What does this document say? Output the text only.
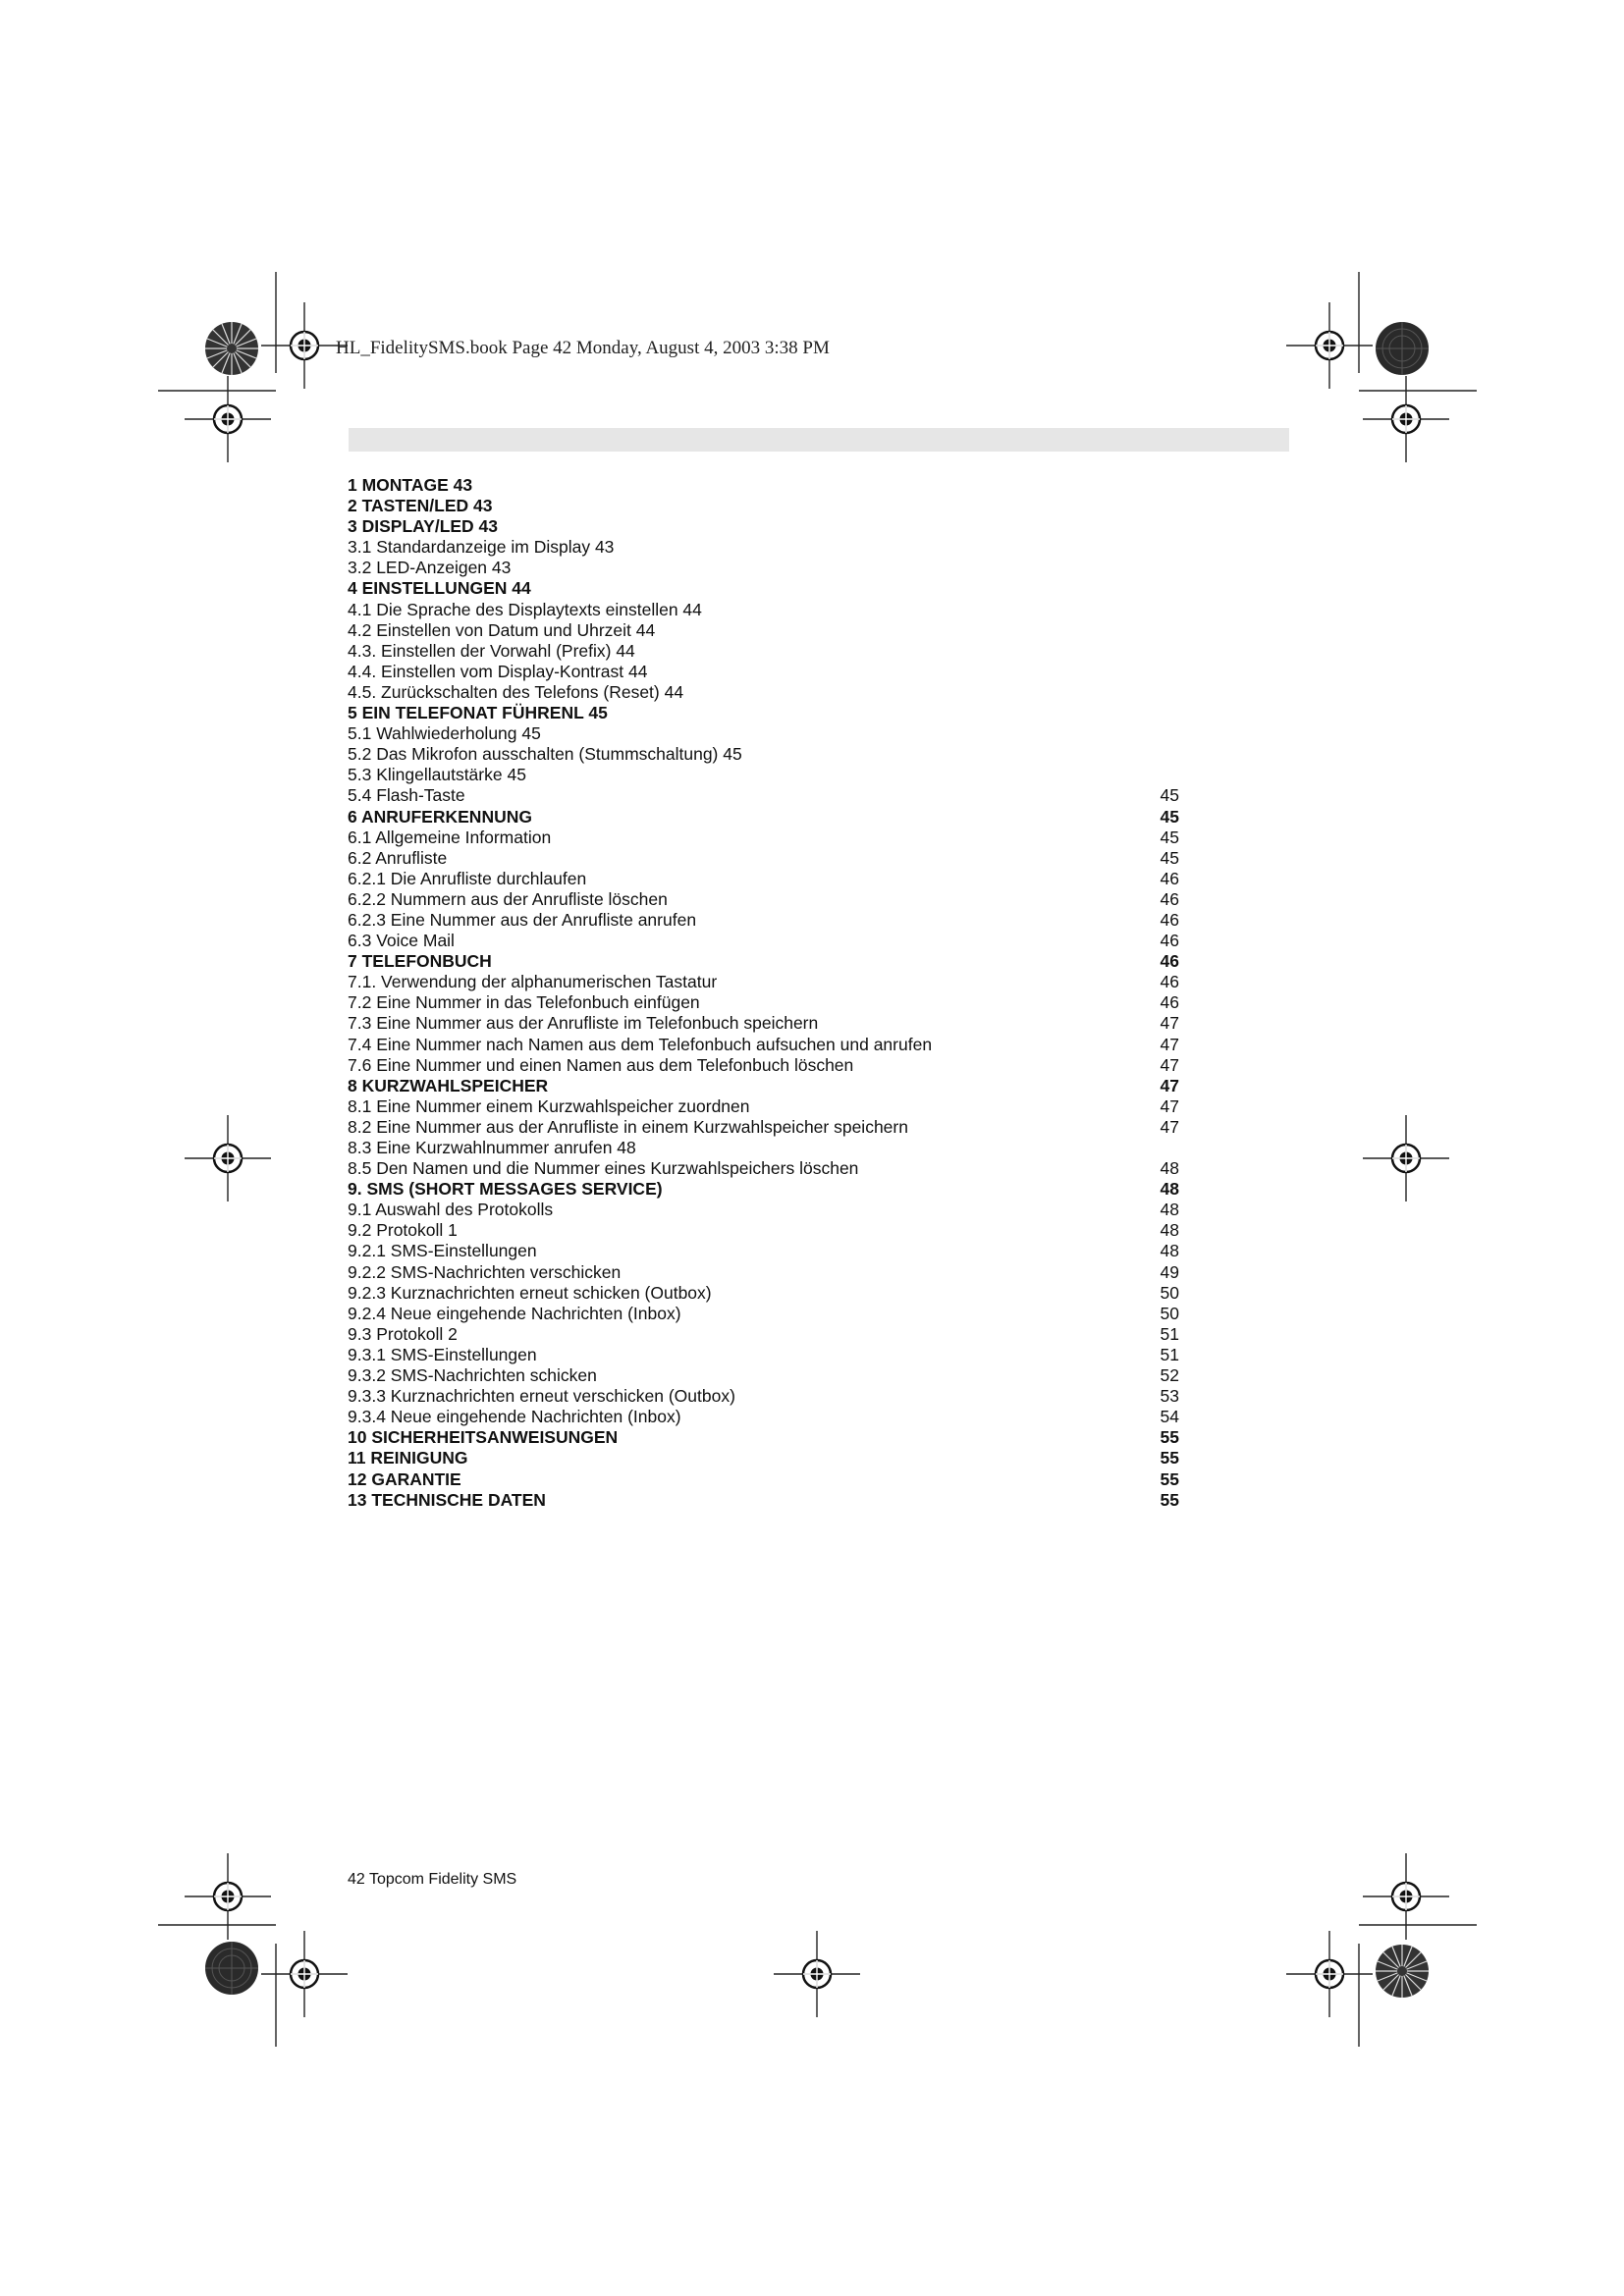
HL_FidelitySMS.book Page 42 Monday, August 4, 2003 3:38 PM
1 MONTAGE 43
2 TASTEN/LED 43
3 DISPLAY/LED 43
3.1 Standardanzeige im Display 43
3.2 LED-Anzeigen 43
4 EINSTELLUNGEN 44
4.1 Die Sprache des Displaytexts einstellen 44
4.2 Einstellen von Datum und Uhrzeit 44
4.3. Einstellen der Vorwahl (Prefix) 44
4.4. Einstellen vom Display-Kontrast 44
4.5. Zurückschalten des Telefons (Reset) 44
5 EIN TELEFONAT FÜHRENL 45
5.1 Wahlwiederholung 45
5.2 Das Mikrofon ausschalten (Stummschaltung) 45
5.3 Klingellautstärke 45
5.4 Flash-Taste	45
6 ANRUFERKENNUNG	45
6.1 Allgemeine Information	45
6.2 Anrufliste	45
6.2.1 Die Anrufliste durchlaufen	46
6.2.2 Nummern aus der Anrufliste löschen	46
6.2.3 Eine Nummer aus der Anrufliste anrufen	46
6.3 Voice Mail	46
7 TELEFONBUCH	46
7.1. Verwendung der alphanumerischen Tastatur	46
7.2 Eine Nummer in das Telefonbuch einfügen	46
7.3 Eine Nummer aus der Anrufliste im Telefonbuch speichern	47
7.4 Eine Nummer nach Namen aus dem Telefonbuch aufsuchen und anrufen	47
7.6 Eine Nummer und einen Namen aus dem Telefonbuch löschen	47
8 KURZWAHLSPEICHER	47
8.1 Eine Nummer einem Kurzwahlspeicher zuordnen	47
8.2 Eine Nummer aus der Anrufliste in einem Kurzwahlspeicher speichern	47
8.3 Eine Kurzwahlnummer anrufen 48
8.5 Den Namen und die Nummer eines Kurzwahlspeichers löschen	48
9. SMS (SHORT MESSAGES SERVICE)	48
9.1 Auswahl des Protokolls	48
9.2 Protokoll 1	48
9.2.1 SMS-Einstellungen	48
9.2.2 SMS-Nachrichten verschicken	49
9.2.3 Kurznachrichten erneut schicken (Outbox)	50
9.2.4 Neue eingehende Nachrichten (Inbox)	50
9.3 Protokoll 2	51
9.3.1 SMS-Einstellungen	51
9.3.2 SMS-Nachrichten schicken	52
9.3.3 Kurznachrichten erneut verschicken (Outbox)	53
9.3.4 Neue eingehende Nachrichten (Inbox)	54
10 SICHERHEITSANWEISUNGEN	55
11 REINIGUNG	55
12 GARANTIE	55
13 TECHNISCHE DATEN	55
42 Topcom Fidelity SMS
